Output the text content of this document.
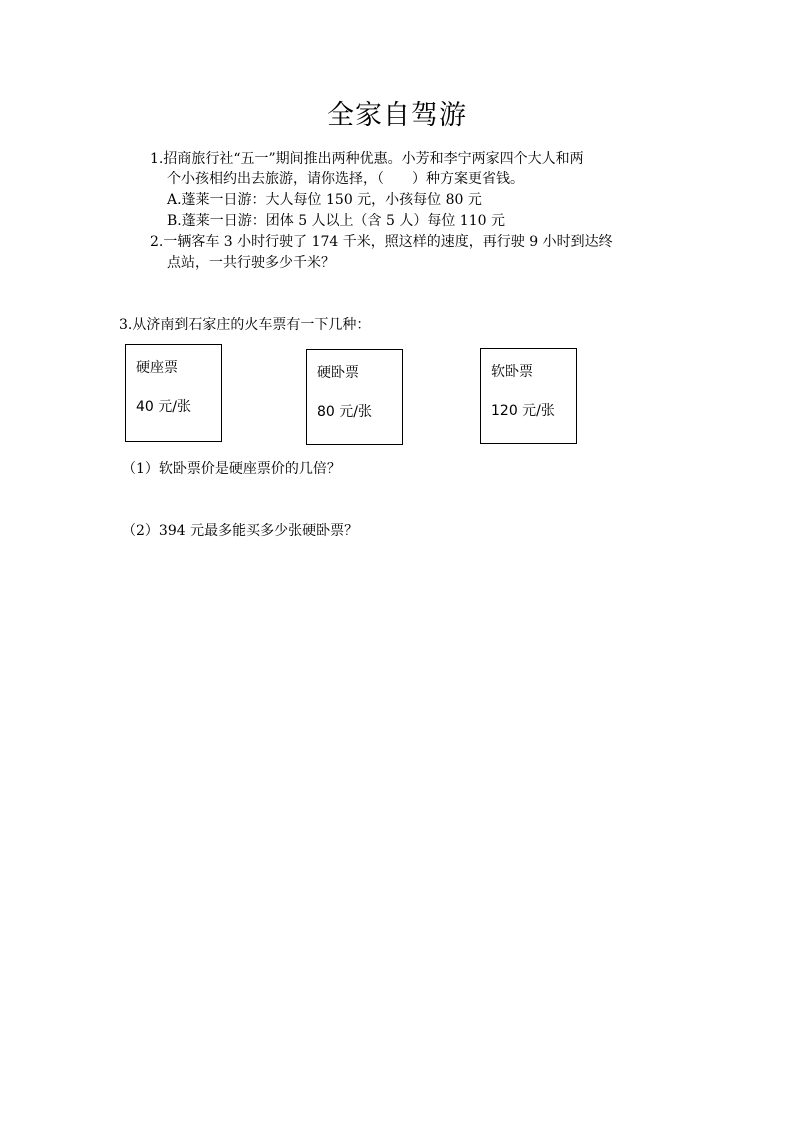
全家自驾游
1.招商旅行社“五一”期间推出两种优惠。小芳和李宁两家四个大人和两
个小孩相约出去旅游，请你选择，（　　）种方案更省钱。
A.蓬莱一日游：大人每位 150 元，小孩每位 80 元
B.蓬莱一日游：团体 5 人以上（含 5 人）每位 110 元
2.一辆客车 3 小时行驶了 174 千米，照这样的速度，再行驶 9 小时到达终
点站，一共行驶多少千米？
3.从济南到石家庄的火车票有一下几种：
硬座票
40 元/张
硬卧票
80 元/张
软卧票
120 元/张
（1）软卧票价是硬座票价的几倍？
（2）394 元最多能买多少张硬卧票？
